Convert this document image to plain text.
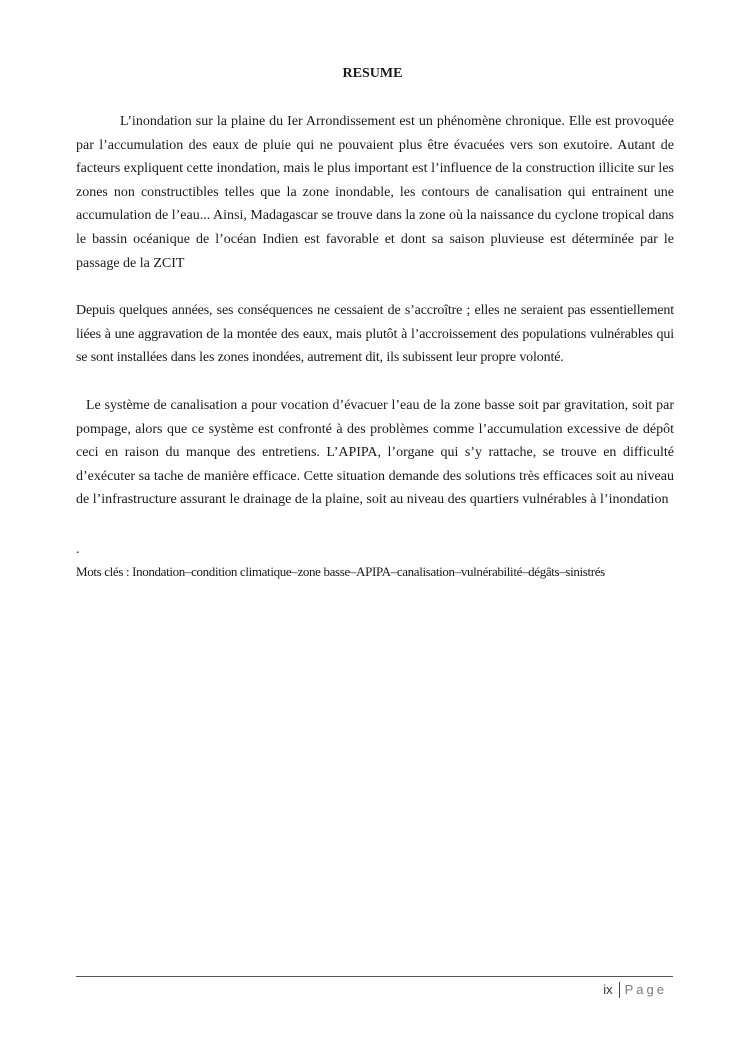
RESUME

L’inondation sur la plaine du Ier Arrondissement est un phénomène chronique. Elle est provoquée par l’accumulation des eaux de pluie qui ne pouvaient plus être évacuées vers son exutoire. Autant de facteurs expliquent cette inondation, mais le plus important est l’influence de la construction illicite sur les zones non constructibles telles que la zone inondable, les contours de canalisation qui entrainent une accumulation de l’eau... Ainsi, Madagascar se trouve dans la zone où la naissance du cyclone tropical dans le bassin océanique de l’océan Indien est favorable et dont sa saison pluvieuse est déterminée par le passage de la ZCIT

Depuis quelques années, ses conséquences ne cessaient de s’accroître ; elles ne seraient pas essentiellement liées à une aggravation de la montée des eaux, mais plutôt à l’accroissement des populations vulnérables qui se sont installées dans les zones inondées, autrement dit, ils subissent leur propre volonté.

Le système de canalisation a pour vocation d’évacuer l’eau de la zone basse soit par gravitation, soit par pompage, alors que ce système est confronté à des problèmes comme l’accumulation excessive de dépôt ceci en raison du manque des entretiens. L’APIPA, l’organe qui s’y rattache, se trouve en difficulté d’exécuter sa tache de manière efficace. Cette situation demande des solutions très efficaces soit au niveau de l’infrastructure assurant le drainage de la plaine, soit au niveau des quartiers vulnérables à l’inondation

.

Mots clés : Inondation–condition climatique–zone basse–APIPA–canalisation–vulnérabilité–dégâts–sinistrés

ix Page
